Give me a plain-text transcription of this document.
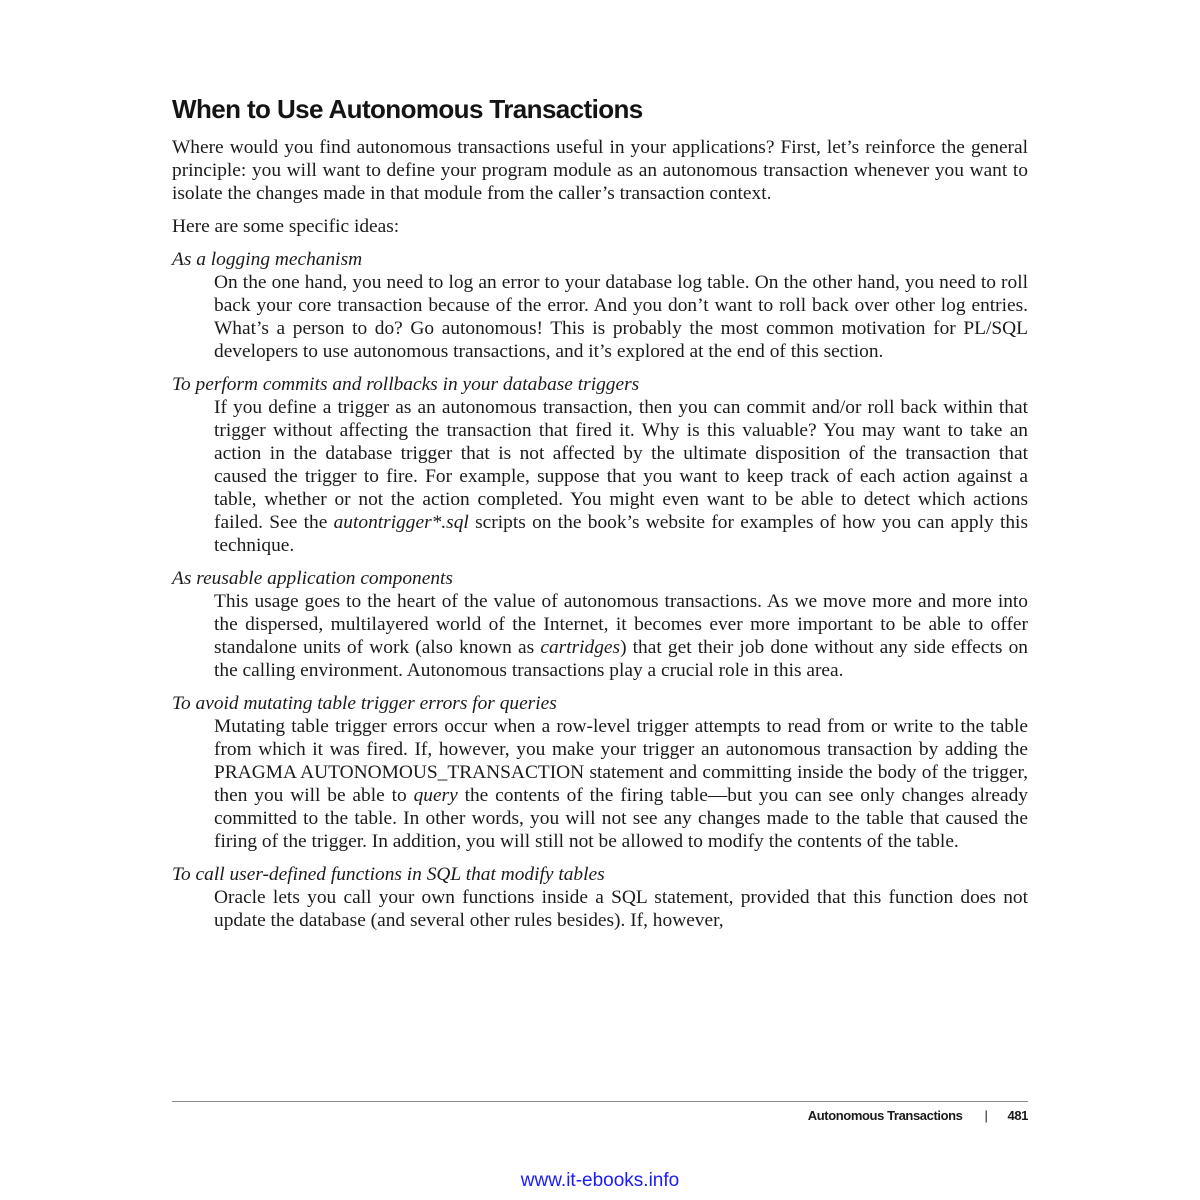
When to Use Autonomous Transactions

Where would you find autonomous transactions useful in your applications? First, let’s reinforce the general principle: you will want to define your program module as an autonomous transaction whenever you want to isolate the changes made in that module from the caller’s transaction context.

Here are some specific ideas:

As a logging mechanism

On the one hand, you need to log an error to your database log table. On the other hand, you need to roll back your core transaction because of the error. And you don’t want to roll back over other log entries. What’s a person to do? Go autonomous! This is probably the most common motivation for PL/SQL developers to use autonomous transactions, and it’s explored at the end of this section.

To perform commits and rollbacks in your database triggers

If you define a trigger as an autonomous transaction, then you can commit and/or roll back within that trigger without affecting the transaction that fired it. Why is this valuable? You may want to take an action in the database trigger that is not affected by the ultimate disposition of the transaction that caused the trigger to fire. For example, suppose that you want to keep track of each action against a table, whether or not the action completed. You might even want to be able to detect which actions failed. See the autontrigger*.sql scripts on the book’s website for examples of how you can apply this technique.

As reusable application components

This usage goes to the heart of the value of autonomous transactions. As we move more and more into the dispersed, multilayered world of the Internet, it becomes ever more important to be able to offer standalone units of work (also known as cartridges) that get their job done without any side effects on the calling environment. Autonomous transactions play a crucial role in this area.

To avoid mutating table trigger errors for queries

Mutating table trigger errors occur when a row-level trigger attempts to read from or write to the table from which it was fired. If, however, you make your trigger an autonomous transaction by adding the PRAGMA AUTONOMOUS_TRANSACTION statement and committing inside the body of the trigger, then you will be able to query the contents of the firing table—but you can see only changes already committed to the table. In other words, you will not see any changes made to the table that caused the firing of the trigger. In addition, you will still not be allowed to modify the contents of the table.

To call user-defined functions in SQL that modify tables

Oracle lets you call your own functions inside a SQL statement, provided that this function does not update the database (and several other rules besides). If, however,

Autonomous Transactions | 481
www.it-ebooks.info
